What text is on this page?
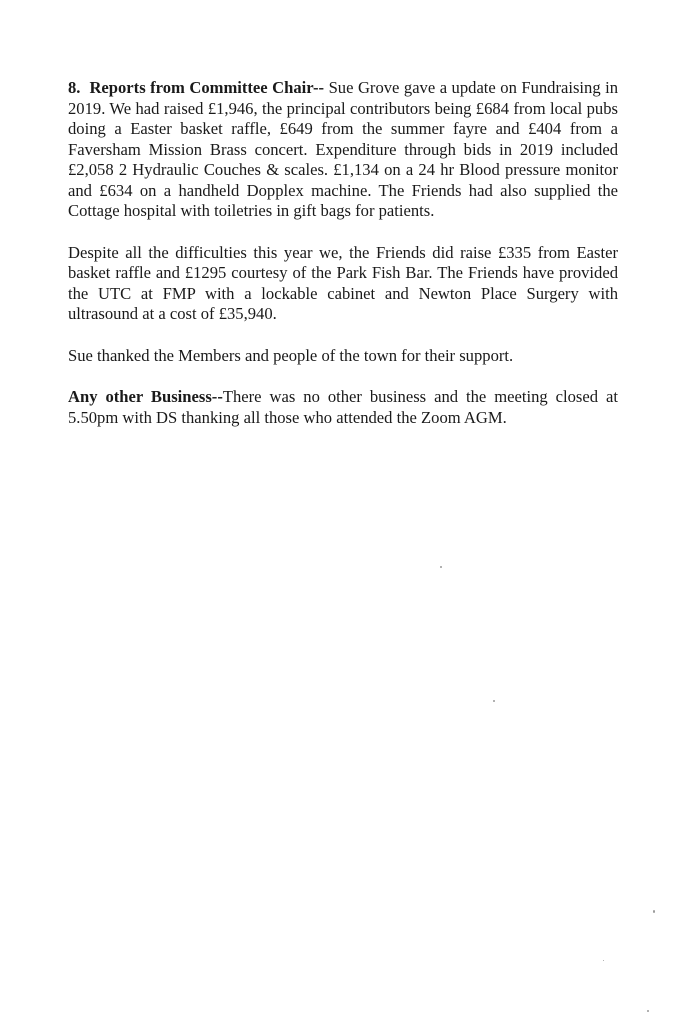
8. Reports from Committee Chair-- Sue Grove gave a update on Fundraising in 2019. We had raised £1,946, the principal contributors being £684 from local pubs doing a Easter basket raffle, £649 from the summer fayre and £404 from a Faversham Mission Brass concert. Expenditure through bids in 2019 included £2,058 2 Hydraulic Couches & scales. £1,134 on a 24 hr Blood pressure monitor and £634 on a handheld Dopplex machine. The Friends had also supplied the Cottage hospital with toiletries in gift bags for patients.

Despite all the difficulties this year we, the Friends did raise £335 from Easter basket raffle and £1295 courtesy of the Park Fish Bar. The Friends have provided the UTC at FMP with a lockable cabinet and Newton Place Surgery with ultrasound at a cost of £35,940.

Sue thanked the Members and people of the town for their support.

Any other Business--There was no other business and the meeting closed at 5.50pm with DS thanking all those who attended the Zoom AGM.
